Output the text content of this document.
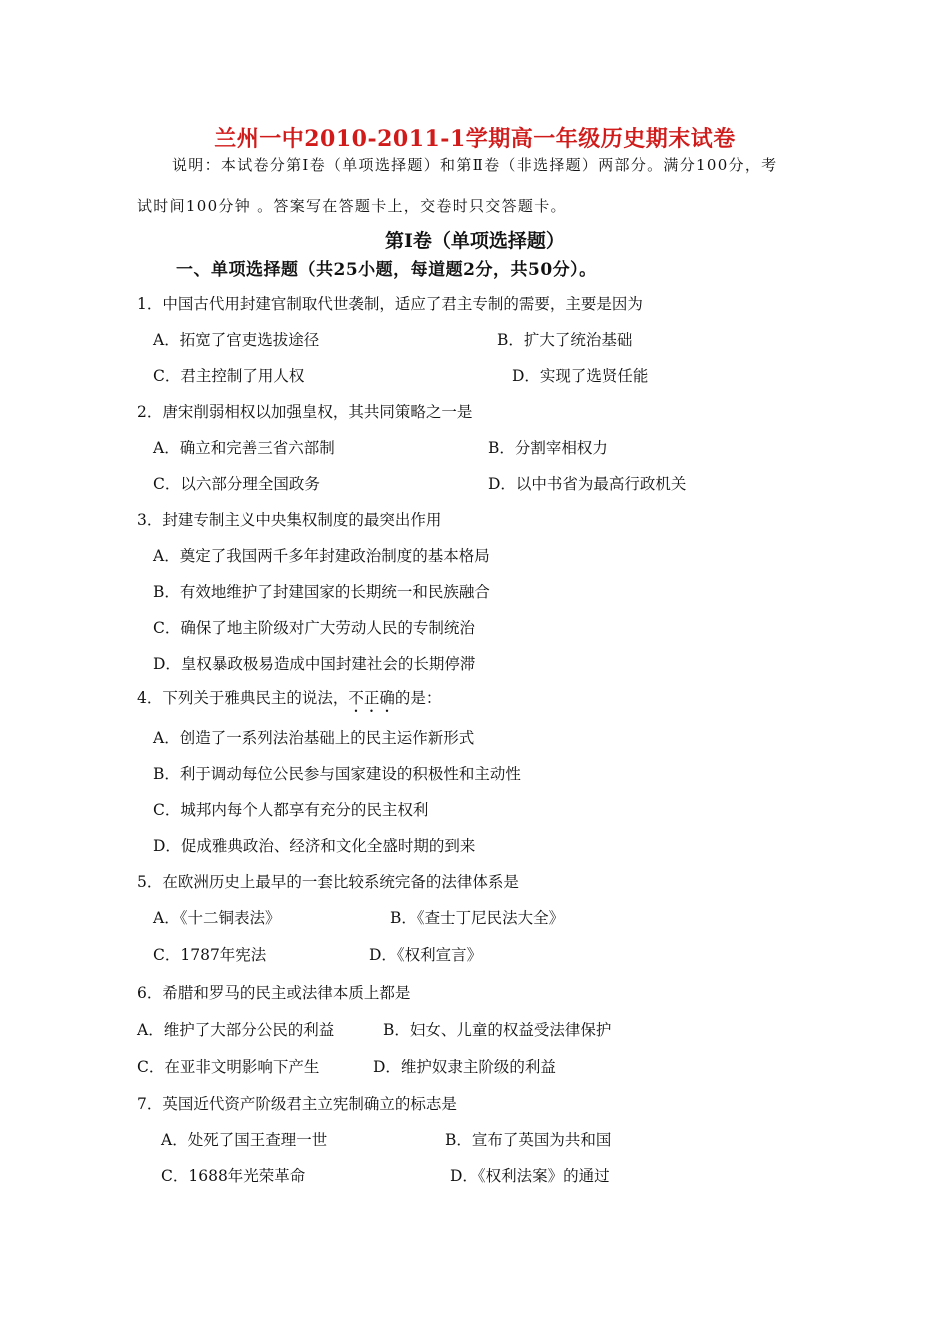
兰州一中2010-2011-1学期高一年级历史期末试卷
说明：本试卷分第Ⅰ卷（单项选择题）和第Ⅱ卷（非选择题）两部分。满分100分，考
试时间100分钟 。答案写在答题卡上，交卷时只交答题卡。
第Ⅰ卷（单项选择题）
一、单项选择题（共25小题，每道题2分，共50分）。
1．中国古代用封建官制取代世袭制，适应了君主专制的需要，主要是因为
A．拓宽了官吏选拔途径	B．扩大了统治基础
C．君主控制了用人权	D．实现了选贤任能
2．唐宋削弱相权以加强皇权，其共同策略之一是
A．确立和完善三省六部制	B．分割宰相权力
C．以六部分理全国政务	D．以中书省为最高行政机关
3．封建专制主义中央集权制度的最突出作用
A．奠定了我国两千多年封建政治制度的基本格局
B．有效地维护了封建国家的长期统一和民族融合
C．确保了地主阶级对广大劳动人民的专制统治
D．皇权暴政极易造成中国封建社会的长期停滞
4．下列关于雅典民主的说法，不正确的是：
A．创造了一系列法治基础上的民主运作新形式
B．利于调动每位公民参与国家建设的积极性和主动性
C．城邦内每个人都享有充分的民主权利
D．促成雅典政治、经济和文化全盛时期的到来
5．在欧洲历史上最早的一套比较系统完备的法律体系是
A．《十二铜表法》	B．《查士丁尼民法大全》
C．1787年宪法	D．《权利宣言》
6．希腊和罗马的民主或法律本质上都是
A．维护了大部分公民的利益	B．妇女、儿童的权益受法律保护
C．在亚非文明影响下产生	D．维护奴隶主阶级的利益
7．英国近代资产阶级君主立宪制确立的标志是
A．处死了国王查理一世	B．宣布了英国为共和国
C．1688年光荣革命	D．《权利法案》的通过
